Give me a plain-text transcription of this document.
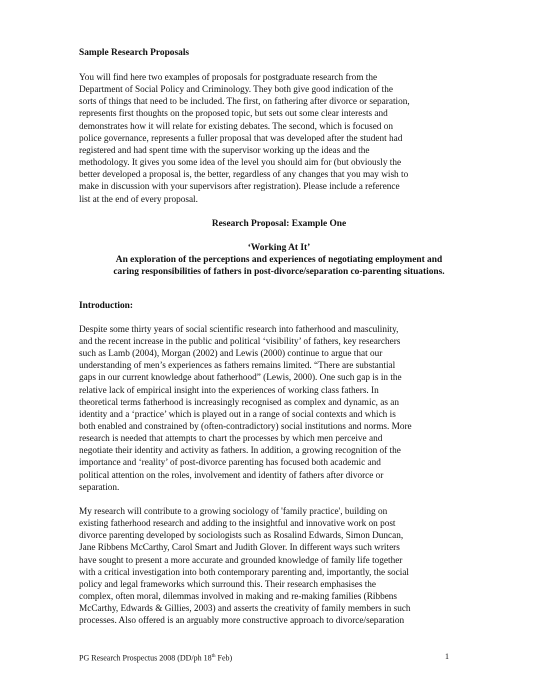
Sample Research Proposals

You will find here two examples of proposals for postgraduate research from the

Department of Social Policy and Criminology. They both give good indication of the

sorts of things that need to be included. The first, on fathering after divorce or separation,

represents first thoughts on the proposed topic, but sets out some clear interests and

demonstrates how it will relate for existing debates. The second, which is focused on

police governance, represents a fuller proposal that was developed after the student had

registered and had spent time with the supervisor working up the ideas and the

methodology. It gives you some idea of the level you should aim for (but obviously the

better developed a proposal is, the better, regardless of any changes that you may wish to

make in discussion with your supervisors after registration). Please include a reference

list at the end of every proposal.

Research Proposal: Example One
‘Working At It’
An exploration of the perceptions and experiences of negotiating employment and
caring responsibilities of fathers in post-divorce/separation co-parenting situations.
Introduction:

Despite some thirty years of social scientific research into fatherhood and masculinity,

and the recent increase in the public and political ‘visibility’ of fathers, key researchers

such as Lamb (2004), Morgan (2002) and Lewis (2000) continue to argue that our

understanding of men’s experiences as fathers remains limited. “There are substantial

gaps in our current knowledge about fatherhood” (Lewis, 2000). One such gap is in the

relative lack of empirical insight into the experiences of working class fathers. In

theoretical terms fatherhood is increasingly recognised as complex and dynamic, as an

identity and a ‘practice’ which is played out in a range of social contexts and which is

both enabled and constrained by (often-contradictory) social institutions and norms. More

research is needed that attempts to chart the processes by which men perceive and

negotiate their identity and activity as fathers. In addition, a growing recognition of the

importance and ‘reality’ of post-divorce parenting has focused both academic and

political attention on the roles, involvement and identity of fathers after divorce or

separation.

My research will contribute to a growing sociology of 'family practice', building on

existing fatherhood research and adding to the insightful and innovative work on post

divorce parenting developed by sociologists such as Rosalind Edwards, Simon Duncan,

Jane Ribbens McCarthy, Carol Smart and Judith Glover. In different ways such writers

have sought to present a more accurate and grounded knowledge of family life together

with a critical investigation into both contemporary parenting and, importantly, the social

policy and legal frameworks which surround this. Their research emphasises the

complex, often moral, dilemmas involved in making and re-making families (Ribbens

McCarthy, Edwards & Gillies, 2003) and asserts the creativity of family members in such

processes. Also offered is an arguably more constructive approach to divorce/separation

PG Research Prospectus 2008 (DD/ph 18th Feb)	1
